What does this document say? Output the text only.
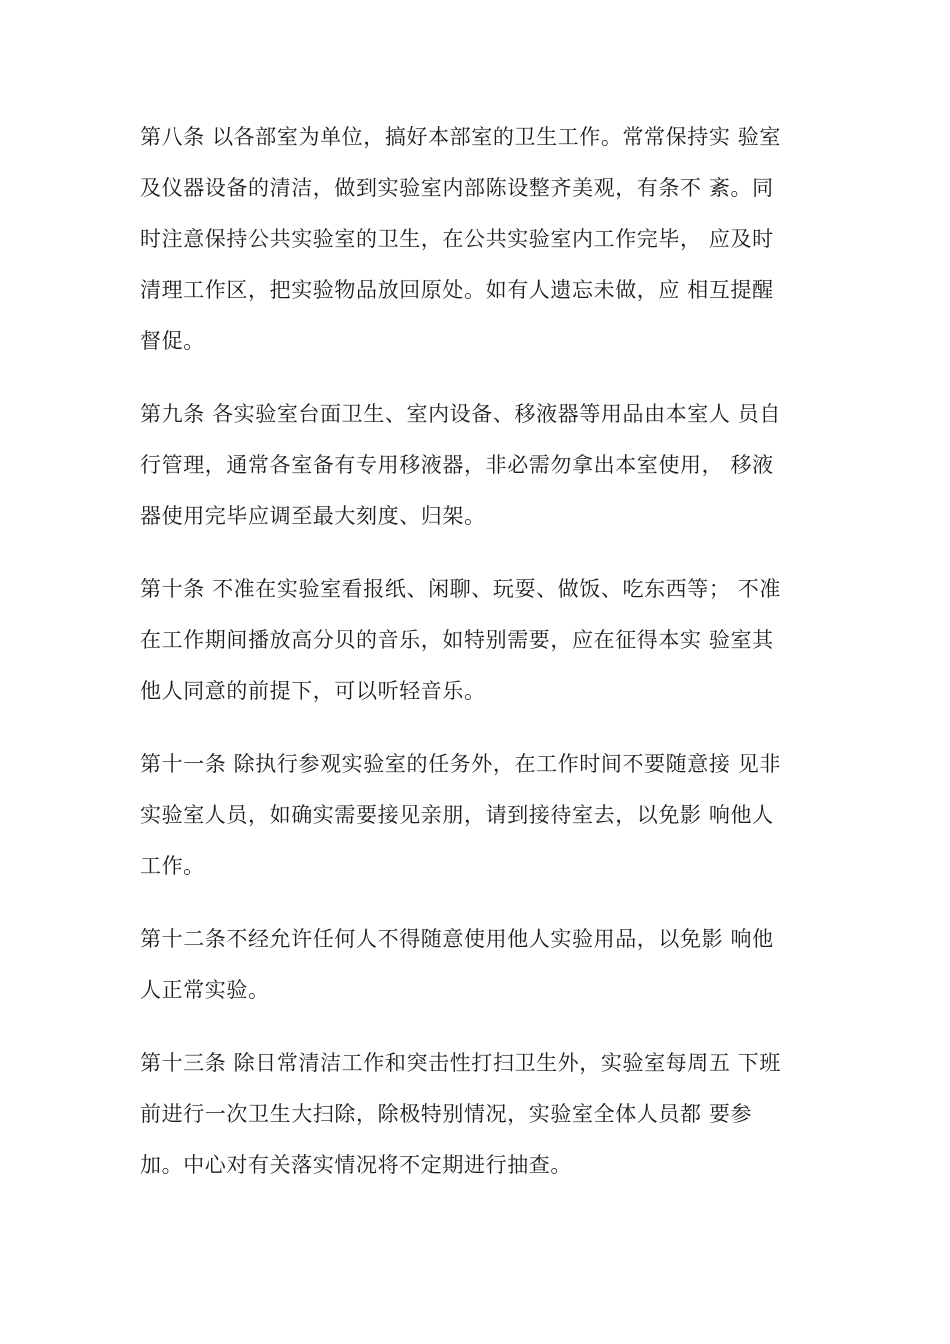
第八条 以各部室为单位，搞好本部室的卫生工作。常常保持实 验室
及仪器设备的清洁，做到实验室内部陈设整齐美观，有条不 紊。同
时注意保持公共实验室的卫生，在公共实验室内工作完毕， 应及时
清理工作区，把实验物品放回原处。如有人遗忘未做，应 相互提醒
督促。
第九条 各实验室台面卫生、室内设备、移液器等用品由本室人 员自
行管理，通常各室备有专用移液器，非必需勿拿出本室使用， 移液
器使用完毕应调至最大刻度、归架。
第十条 不准在实验室看报纸、闲聊、玩耍、做饭、吃东西等； 不准
在工作期间播放高分贝的音乐，如特别需要，应在征得本实 验室其
他人同意的前提下，可以听轻音乐。
第十一条 除执行参观实验室的任务外，在工作时间不要随意接 见非
实验室人员，如确实需要接见亲朋，请到接待室去，以免影 响他人
工作。
第十二条不经允许任何人不得随意使用他人实验用品，以免影 响他
人正常实验。
第十三条 除日常清洁工作和突击性打扫卫生外，实验室每周五 下班
前进行一次卫生大扫除，除极特别情况，实验室全体人员都 要参
加。中心对有关落实情况将不定期进行抽查。
